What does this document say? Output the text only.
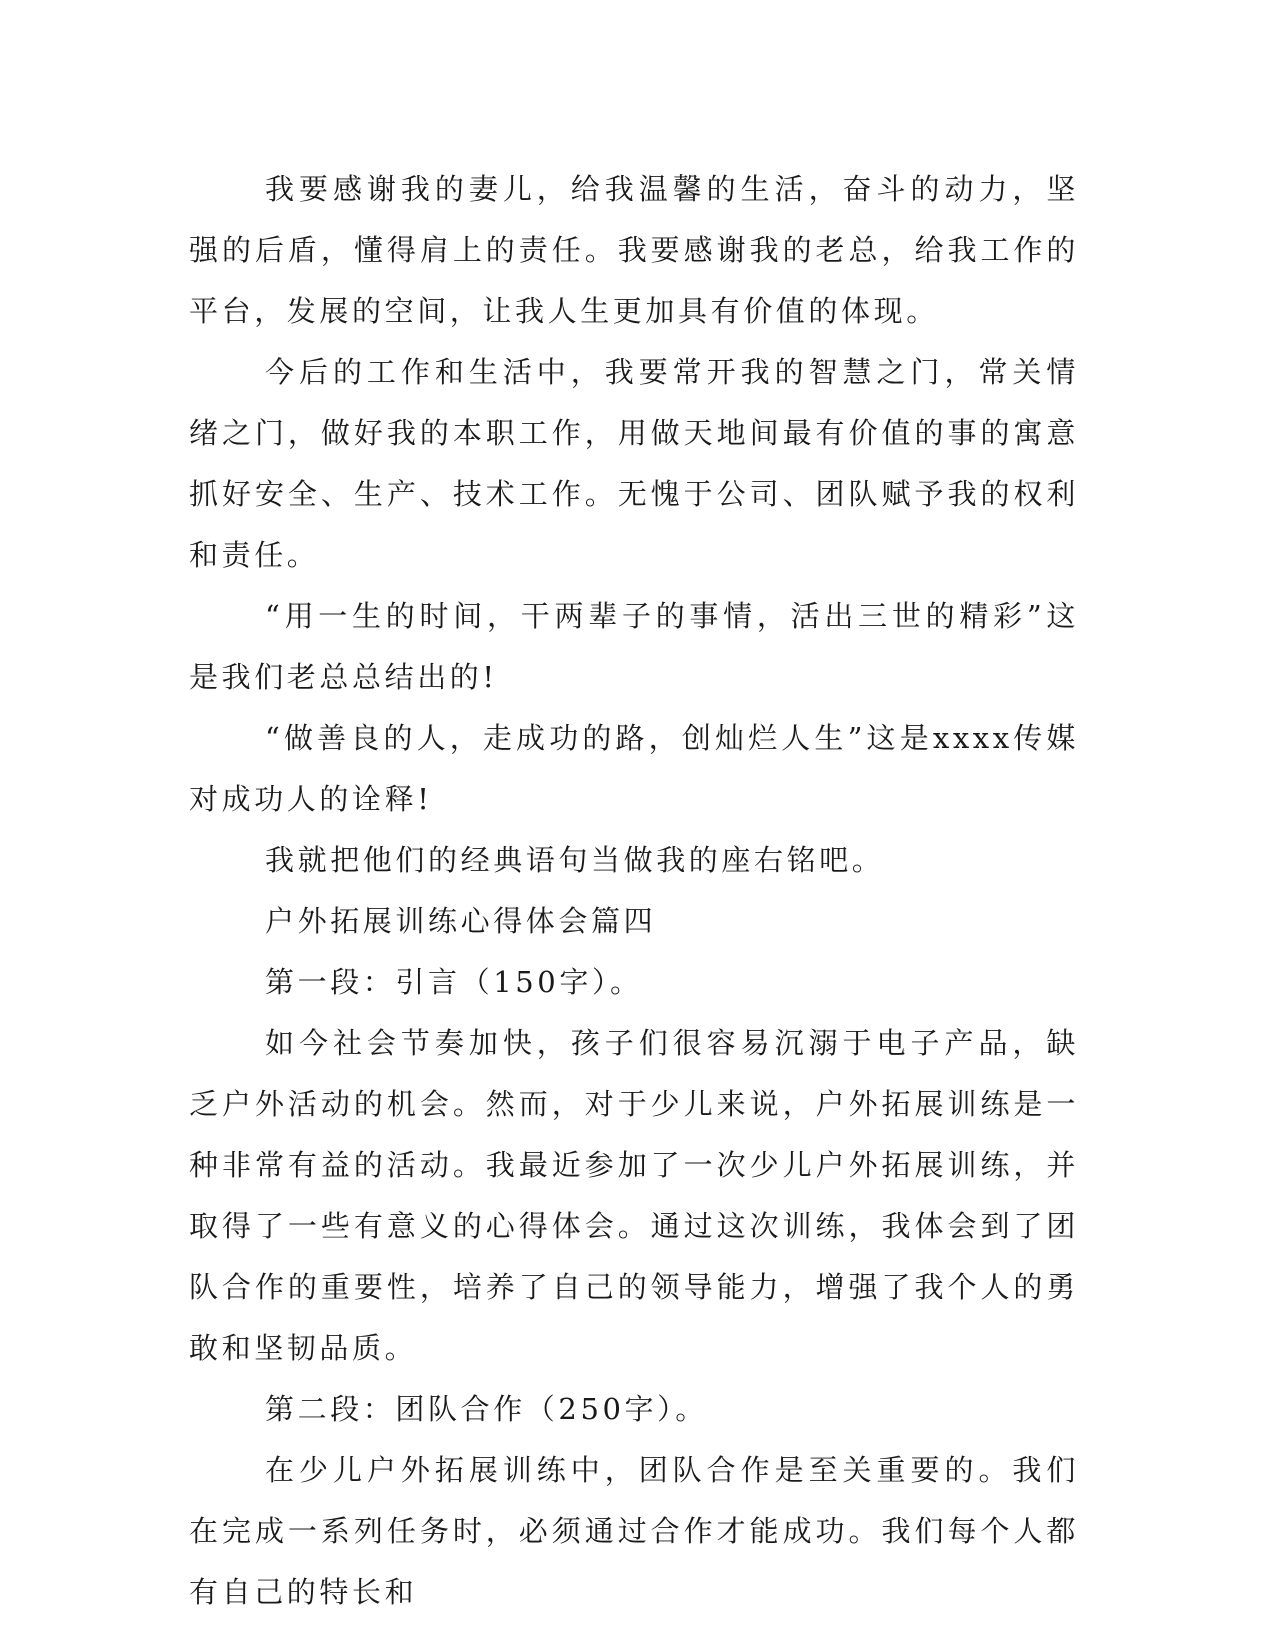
我要感谢我的妻儿，给我温馨的生活，奋斗的动力，坚强的后盾，懂得肩上的责任。我要感谢我的老总，给我工作的平台，发展的空间，让我人生更加具有价值的体现。

今后的工作和生活中，我要常开我的智慧之门，常关情绪之门，做好我的本职工作，用做天地间最有价值的事的寓意抓好安全、生产、技术工作。无愧于公司、团队赋予我的权利和责任。

“用一生的时间，干两辈子的事情，活出三世的精彩”这是我们老总总结出的!

“做善良的人，走成功的路，创灿烂人生”这是xxxx传媒对成功人的诠释!

我就把他们的经典语句当做我的座右铭吧。

户外拓展训练心得体会篇四

第一段：引言（150字）。

如今社会节奏加快，孩子们很容易沉溺于电子产品，缺乏户外活动的机会。然而，对于少儿来说，户外拓展训练是一种非常有益的活动。我最近参加了一次少儿户外拓展训练，并取得了一些有意义的心得体会。通过这次训练，我体会到了团队合作的重要性，培养了自己的领导能力，增强了我个人的勇敢和坚韧品质。

第二段：团队合作（250字）。

在少儿户外拓展训练中，团队合作是至关重要的。我们在完成一系列任务时，必须通过合作才能成功。我们每个人都有自己的特长和
